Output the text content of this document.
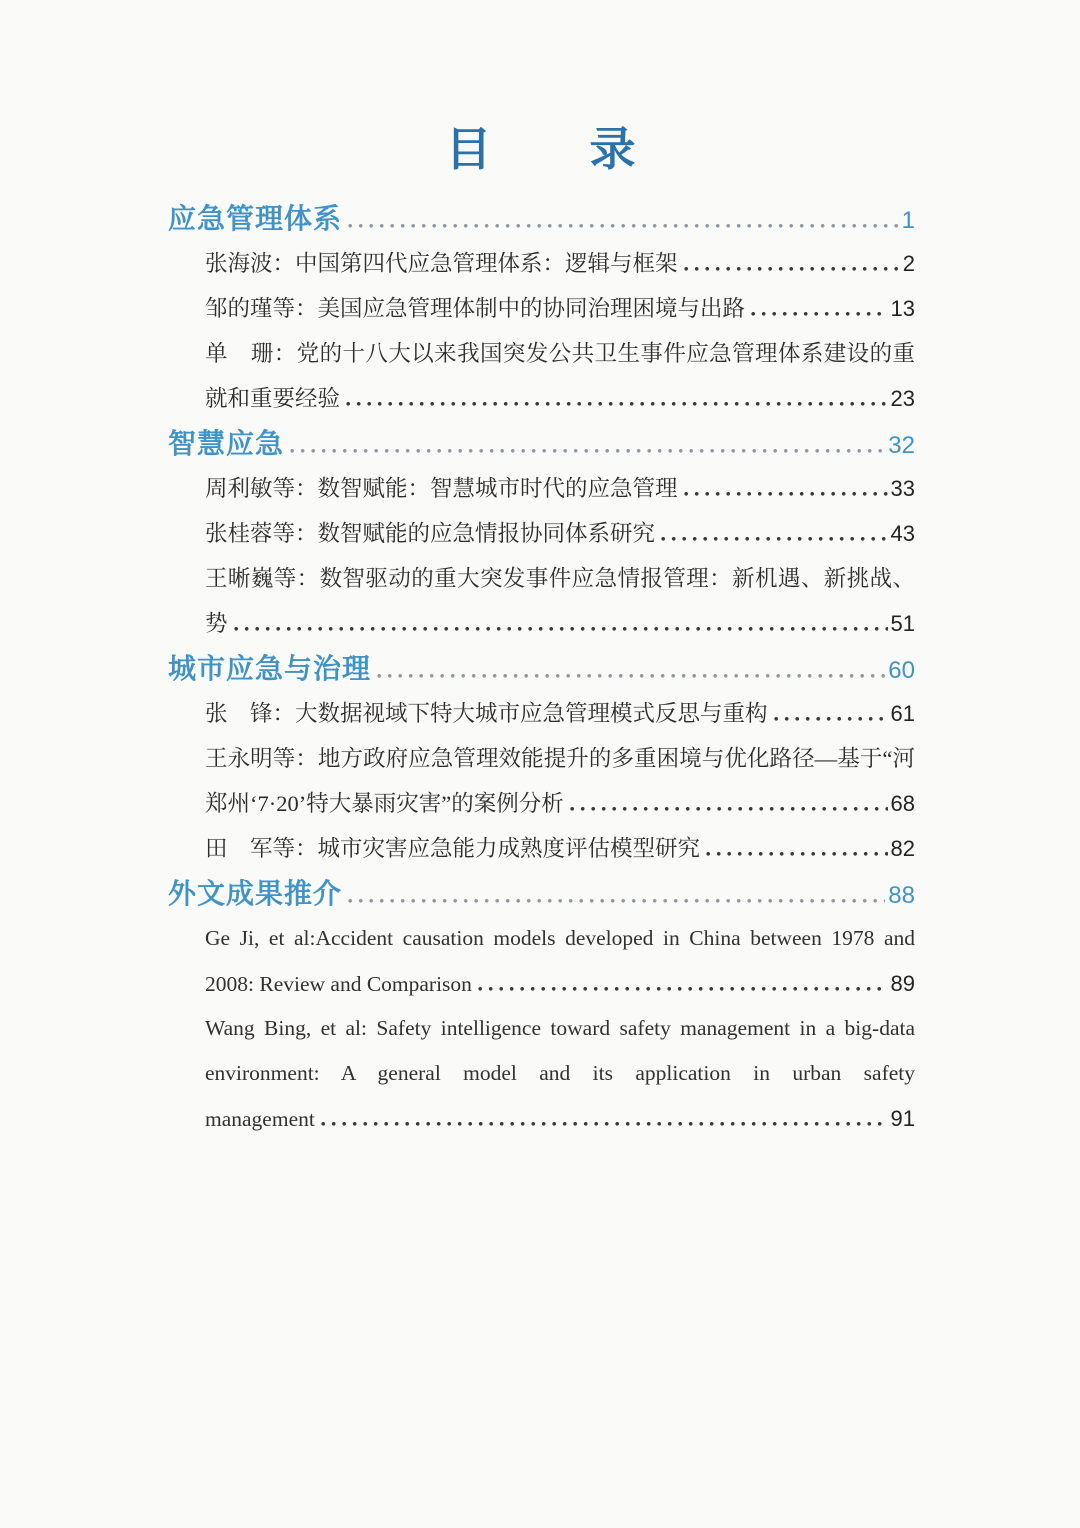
目　　录
应急管理体系	1
张海波：中国第四代应急管理体系：逻辑与框架	2
邹的瑾等：美国应急管理体制中的协同治理困境与出路	13
单　珊：党的十八大以来我国突发公共卫生事件应急管理体系建设的重
就和重要经验	23
智慧应急	32
周利敏等：数智赋能：智慧城市时代的应急管理	33
张桂蓉等：数智赋能的应急情报协同体系研究	43
王晰巍等：数智驱动的重大突发事件应急情报管理：新机遇、新挑战、
势	51
城市应急与治理	60
张　锋：大数据视域下特大城市应急管理模式反思与重构	61
王永明等：地方政府应急管理效能提升的多重困境与优化路径—基于“河
郑州‘7·20’特大暴雨灾害”的案例分析	68
田　军等：城市灾害应急能力成熟度评估模型研究	82
外文成果推介	88
Ge Ji, et al:Accident causation models developed in China between 1978 and
2008: Review and Comparison	89
Wang Bing, et al: Safety intelligence toward safety management in a big-data
environment: A general model and its application in urban safety
management	91
